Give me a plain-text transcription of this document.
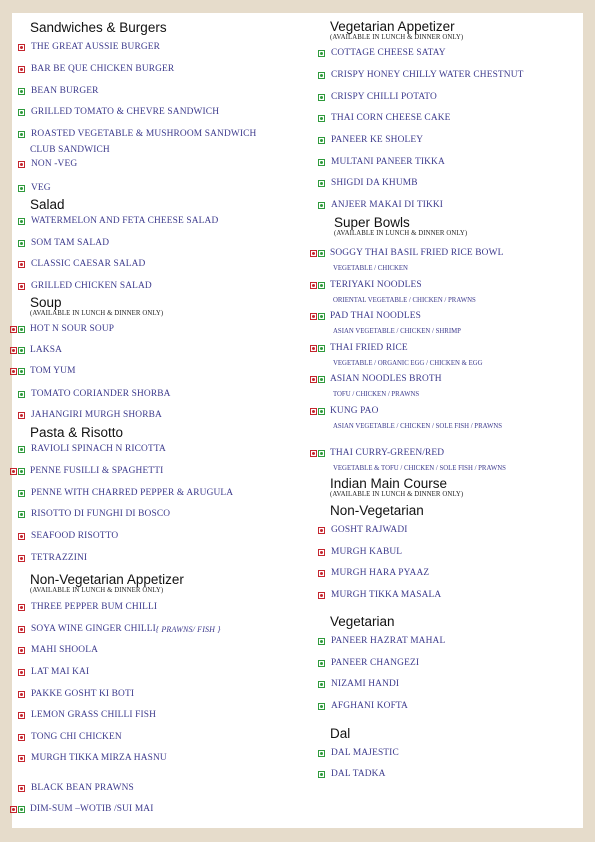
Sandwiches & Burgers
THE GREAT AUSSIE BURGER
BAR BE QUE CHICKEN BURGER
BEAN BURGER
GRILLED TOMATO & CHEVRE SANDWICH
ROASTED VEGETABLE & MUSHROOM SANDWICH
CLUB SANDWICH
NON -VEG
VEG
Salad
WATERMELON AND FETA CHEESE SALAD
SOM TAM SALAD
CLASSIC CAESAR SALAD
GRILLED CHICKEN SALAD
Soup
(AVAILABLE IN LUNCH & DINNER ONLY)
HOT N SOUR SOUP
LAKSA
TOM YUM
TOMATO CORIANDER SHORBA
JAHANGIRI MURGH SHORBA
Pasta & Risotto
RAVIOLI SPINACH N RICOTTA
PENNE FUSILLI & SPAGHETTI
PENNE WITH CHARRED PEPPER & ARUGULA
RISOTTO DI FUNGHI DI BOSCO
SEAFOOD RISOTTO
TETRAZZINI
Non-Vegetarian Appetizer
(AVAILABLE IN LUNCH & DINNER ONLY)
THREE PEPPER BUM CHILLI
SOYA WINE GINGER CHILLI { PRAWNS/ FISH }
MAHI SHOOLA
LAT MAI KAI
PAKKE GOSHT KI BOTI
LEMON GRASS CHILLI FISH
TONG CHI CHICKEN
MURGH TIKKA MIRZA HASNU
BLACK BEAN PRAWNS
DIM-SUM –WOTIB /SUI MAI
Vegetarian Appetizer
(AVAILABLE IN LUNCH & DINNER ONLY)
COTTAGE CHEESE SATAY
CRISPY HONEY CHILLY WATER CHESTNUT
CRISPY CHILLI POTATO
THAI CORN CHEESE CAKE
PANEER KE SHOLEY
MULTANI PANEER TIKKA
SHIGDI DA KHUMB
ANJEER MAKAI DI TIKKI
Super Bowls
(AVAILABLE IN LUNCH & DINNER ONLY)
SOGGY THAI BASIL FRIED RICE BOWL
VEGETABLE / CHICKEN
TERIYAKI NOODLES
ORIENTAL VEGETABLE / CHICKEN / PRAWNS
PAD THAI NOODLES
ASIAN VEGETABLE / CHICKEN / SHRIMP
THAI FRIED RICE
VEGETABLE / ORGANIC EGG / CHICKEN & EGG
ASIAN NOODLES BROTH
TOFU / CHICKEN / PRAWNS
KUNG PAO
ASIAN VEGETABLE / CHICKEN / SOLE FISH / PRAWNS
THAI CURRY-GREEN/RED
VEGETABLE & TOFU / CHICKEN / SOLE FISH / PRAWNS
Indian Main Course
(AVAILABLE IN LUNCH & DINNER ONLY)
Non-Vegetarian
GOSHT RAJWADI
MURGH KABUL
MURGH HARA PYAAZ
MURGH TIKKA MASALA
Vegetarian
PANEER HAZRAT MAHAL
PANEER CHANGEZI
NIZAMI HANDI
AFGHANI KOFTA
Dal
DAL MAJESTIC
DAL TADKA
